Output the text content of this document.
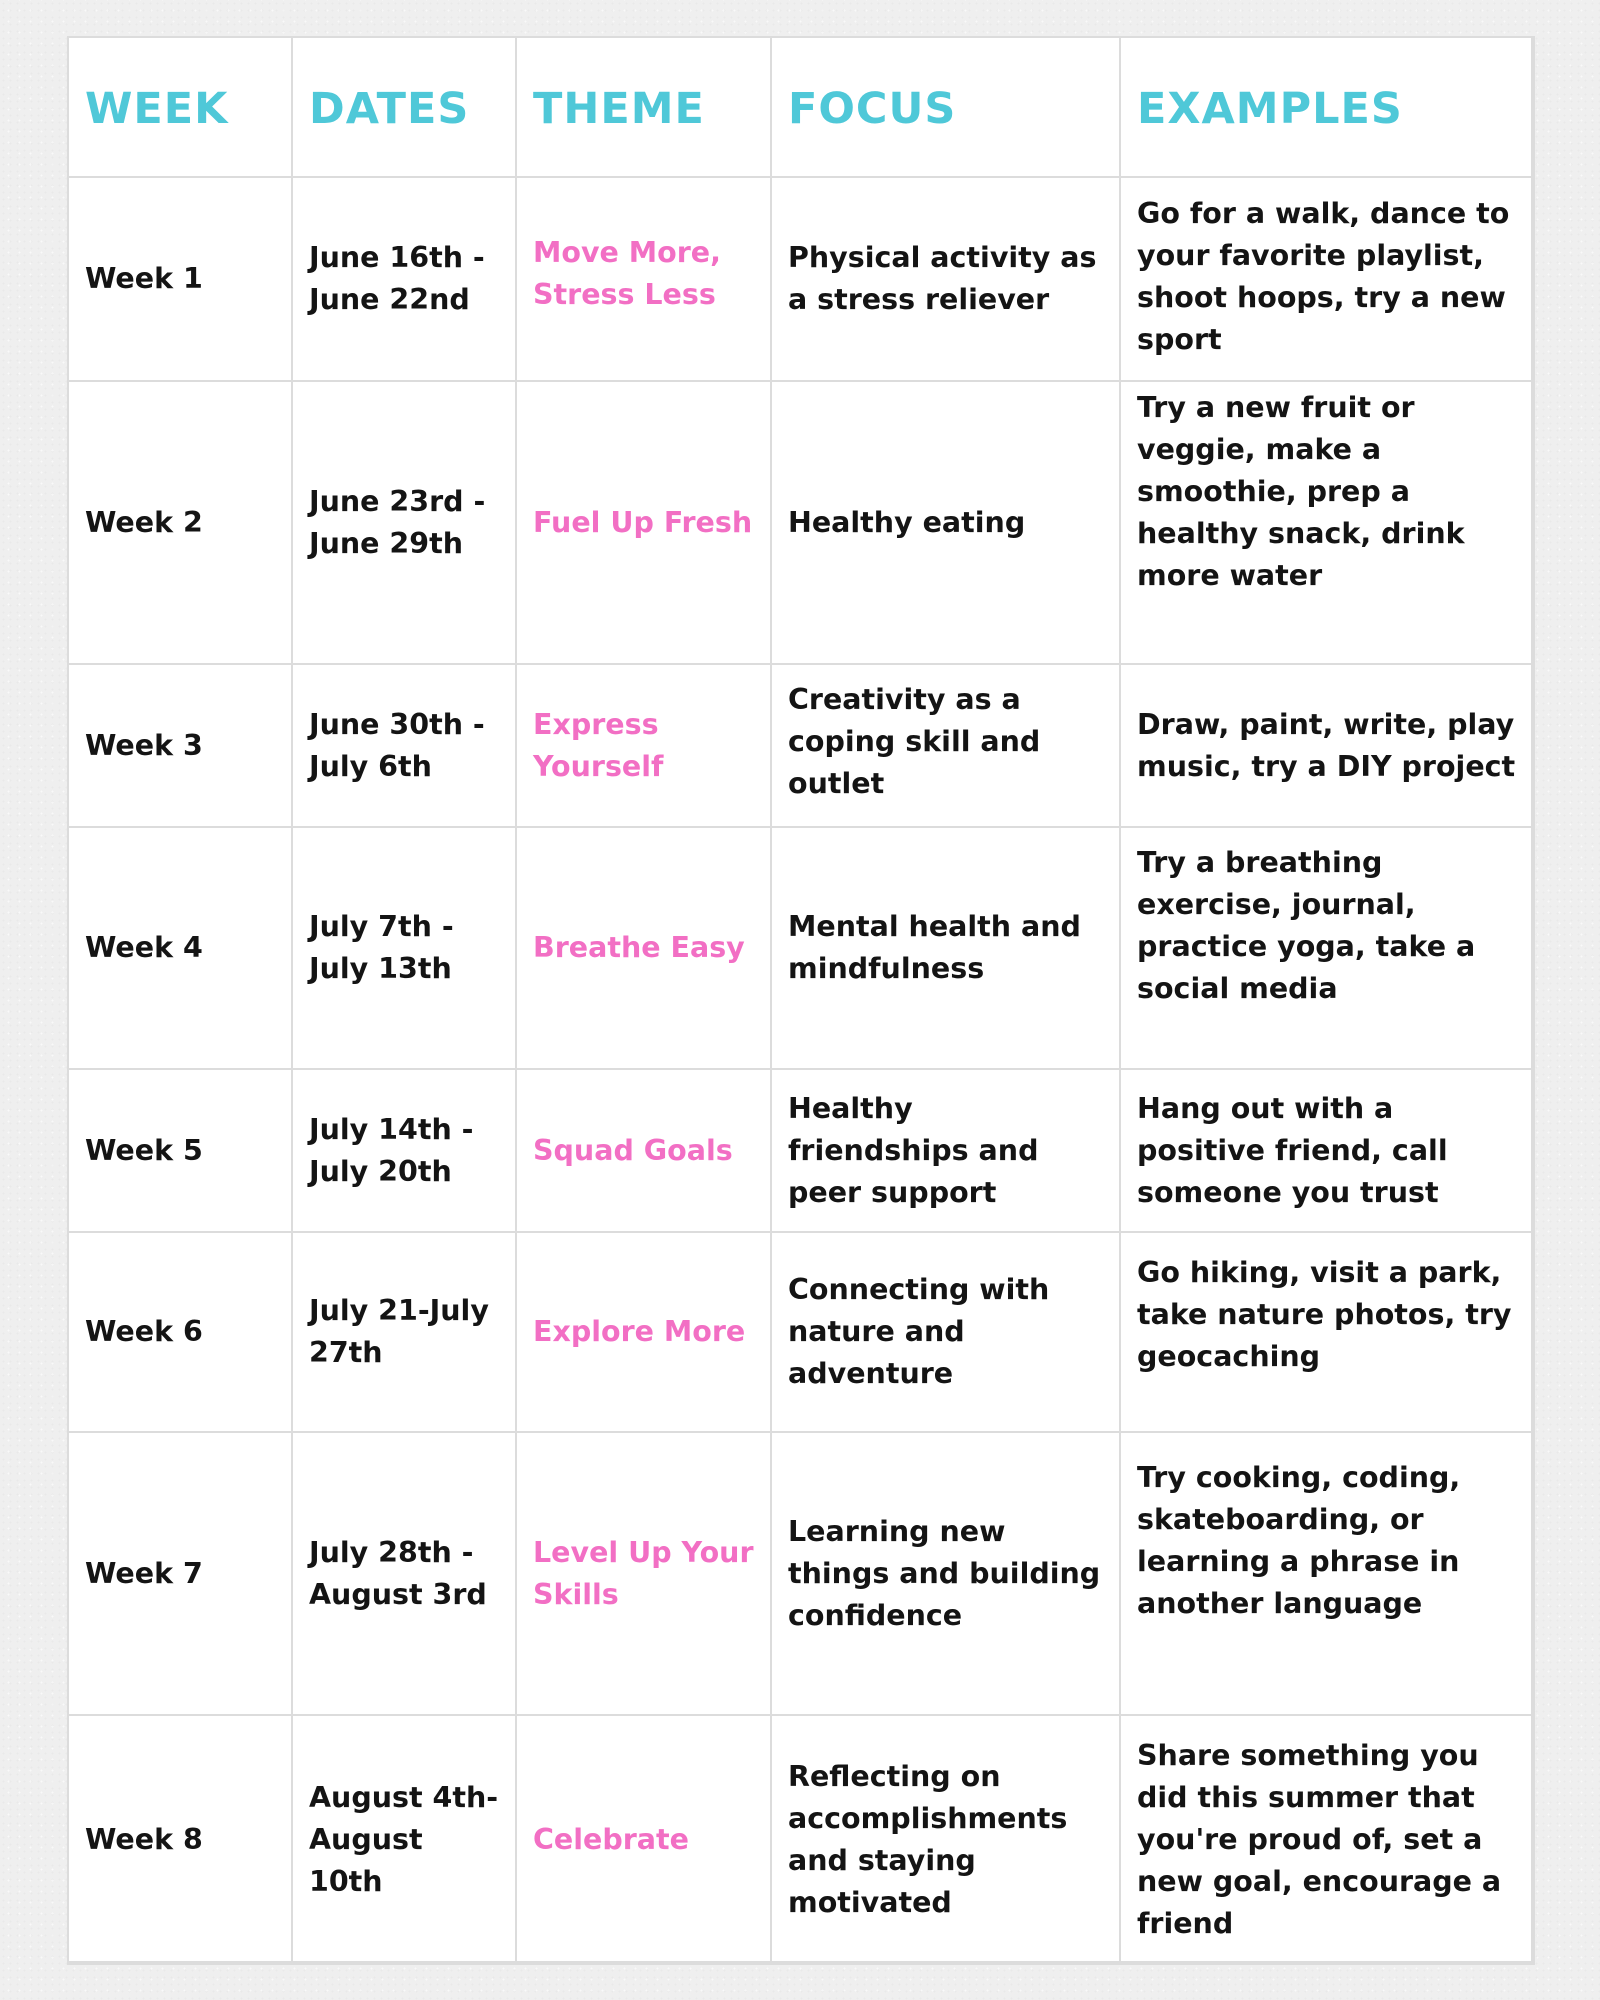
WEEK	DATES	THEME	FOCUS	EXAMPLES
Week 1	June 16th - June 22nd	Move More, Stress Less	Physical activity as a stress reliever	Go for a walk, dance to your favorite playlist, shoot hoops, try a new sport

Week 2	June 23rd - June 29th	Fuel Up Fresh	Healthy eating	Try a new fruit or veggie, make a smoothie, prep a healthy snack, drink more water

Week 3	June 30th - July 6th	Express Yourself	Creativity as a coping skill and outlet	Draw, paint, write, play music, try a DIY project

Week 4	July 7th - July 13th	Breathe Easy	Mental health and mindfulness	Try a breathing exercise, journal, practice yoga, take a social media

Week 5	July 14th - July 20th	Squad Goals	Healthy friendships and peer support	Hang out with a positive friend, call someone you trust

Week 6	July 21-July 27th	Explore More	Connecting with nature and adventure	Go hiking, visit a park, take nature photos, try geocaching

Week 7	July 28th - August 3rd	Level Up Your Skills	Learning new things and building confidence	Try cooking, coding, skateboarding, or learning a phrase in another language

Week 8	August 4th- August 10th	Celebrate	Reflecting on accomplishments and staying motivated	Share something you did this summer that you're proud of, set a new goal, encourage a friend
